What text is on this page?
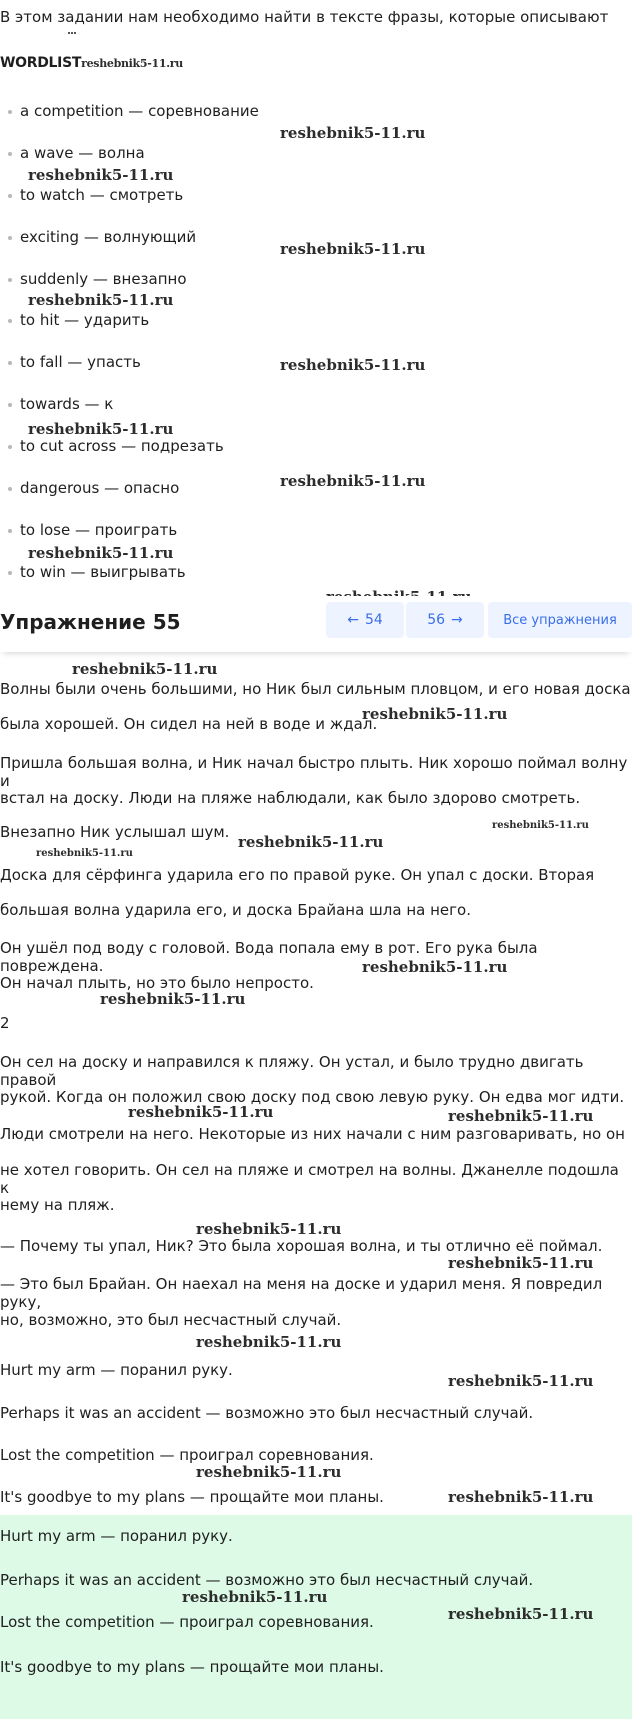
В этом задании нам необходимо найти в тексте фразы, которые описывают
WORDLISTreshebnik5-11.ru
a competition — соревнование
a wave — волна
to watch — смотреть
exciting — волнующий
suddenly — внезапно
to hit — ударить
to fall — упасть
towards — к
to cut across — подрезать
dangerous — опасно
to lose — проиграть
to win — выигрывать
reshebnik5-11.ru
reshebnik5-11.ru
reshebnik5-11.ru
reshebnik5-11.ru
reshebnik5-11.ru
reshebnik5-11.ru
reshebnik5-11.ru
reshebnik5-11.ru
Упражнение 55	← 54	56 →	Все упражнения
Волны были очень большими, но Ник был сильным пловцом, и его новая доска
была хорошей. Он сидел на ней в воде и ждал.
Пришла большая волна, и Ник начал быстро плыть. Ник хорошо поймал волну и
встал на доску. Люди на пляже наблюдали, как было здорово смотреть.
Внезапно Ник услышал шум.
Доска для сёрфинга ударила его по правой руке. Он упал с доски. Вторая
большая волна ударила его, и доска Брайана шла на него.
Он ушёл под воду с головой. Вода попала ему в рот. Его рука была повреждена.
Он начал плыть, но это было непросто.
2
Он сел на доску и направился к пляжу. Он устал, и было трудно двигать правой
рукой. Когда он положил свою доску под свою левую руку. Он едва мог идти.
Люди смотрели на него. Некоторые из них начали с ним разговаривать, но он
не хотел говорить. Он сел на пляже и смотрел на волны. Джанелле подошла к
нему на пляж.
— Почему ты упал, Ник? Это была хорошая волна, и ты отлично её поймал.
— Это был Брайан. Он наехал на меня на доске и ударил меня. Я повредил руку,
но, возможно, это был несчастный случай.
Hurt my arm — поранил руку.
Perhaps it was an accident — возможно это был несчастный случай.
Lost the competition — проиграл соревнования.
It's goodbye to my plans — прощайте мои планы.
Hurt my arm — поранил руку.
Perhaps it was an accident — возможно это был несчастный случай.
Lost the competition — проиграл соревнования.
It's goodbye to my plans — прощайте мои планы.
reshebnik5-11.ru
reshebnik5-11.ru
reshebnik5-11.ru
reshebnik5-11.ru
reshebnik5-11.ru
reshebnik5-11.ru
reshebnik5-11.ru
reshebnik5-11.ru	reshebnik5-11.ru
reshebnik5-11.ru
reshebnik5-11.ru
reshebnik5-11.ru
reshebnik5-11.ru
reshebnik5-11.ru
reshebnik5-11.ru
reshebnik5-11.ru
reshebnik5-11.ru
